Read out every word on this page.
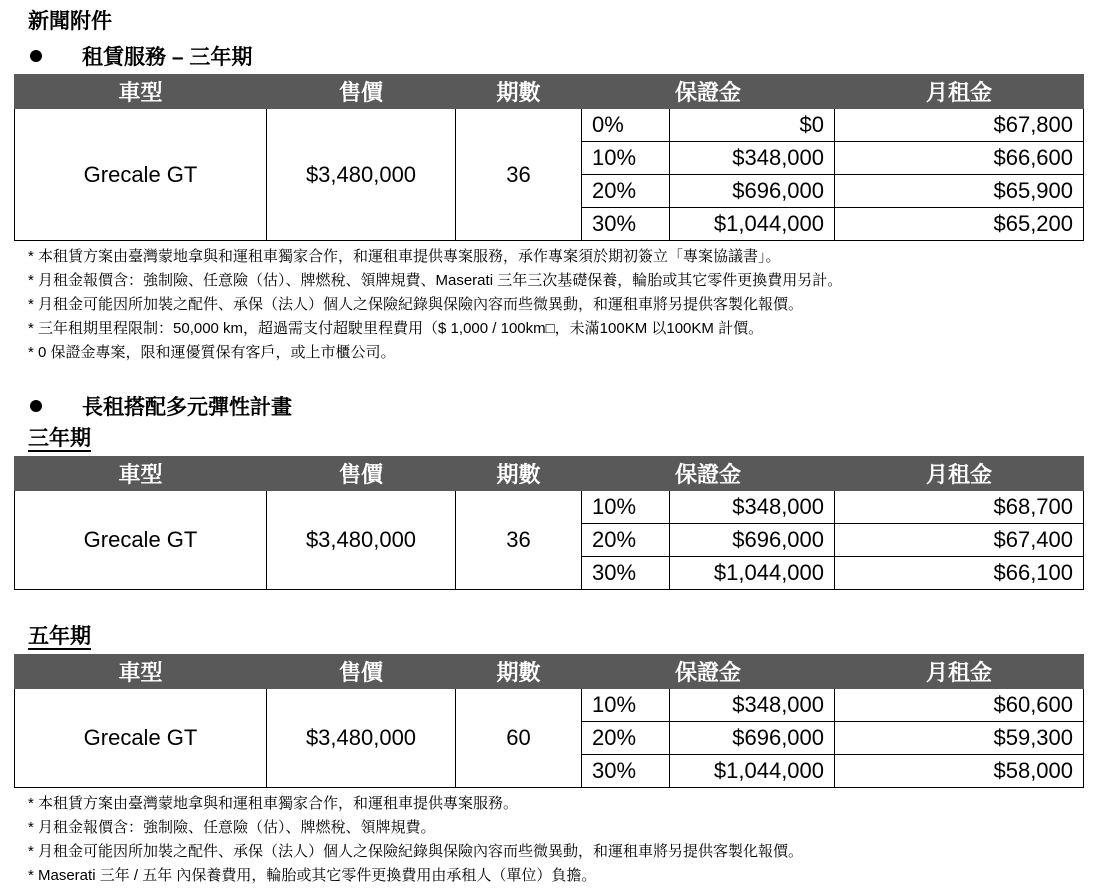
新聞附件
租賃服務 – 三年期
車型	售價	期數	保證金		月租金
Grecale GT	$3,480,000	36	0%	$0	$67,800
			10%	$348,000	$66,600
			20%	$696,000	$65,900
			30%	$1,044,000	$65,200
* 本租賃方案由臺灣蒙地拿與和運租車獨家合作，和運租車提供專案服務，承作專案須於期初簽立「專案協議書」。
* 月租金報價含：強制險、任意險（估）、牌燃稅、領牌規費、Maserati 三年三次基礎保養，輪胎或其它零件更換費用另計。
* 月租金可能因所加裝之配件、承保（法人）個人之保險紀錄與保險內容而些微異動，和運租車將另提供客製化報價。
* 三年租期里程限制：50,000 km，超過需支付超駛里程費用（$ 1,000 / 100km□，未滿100KM 以100KM 計價。
* 0 保證金專案，限和運優質保有客戶，或上市櫃公司。
長租搭配多元彈性計畫
三年期
車型	售價	期數	保證金		月租金
Grecale GT	$3,480,000	36	10%	$348,000	$68,700
			20%	$696,000	$67,400
			30%	$1,044,000	$66,100
五年期
車型	售價	期數	保證金		月租金
Grecale GT	$3,480,000	60	10%	$348,000	$60,600
			20%	$696,000	$59,300
			30%	$1,044,000	$58,000
* 本租賃方案由臺灣蒙地拿與和運租車獨家合作，和運租車提供專案服務。
* 月租金報價含：強制險、任意險（估）、牌燃稅、領牌規費。
* 月租金可能因所加裝之配件、承保（法人）個人之保險紀錄與保險內容而些微異動，和運租車將另提供客製化報價。
* Maserati 三年 / 五年 內保養費用，輪胎或其它零件更換費用由承租人（單位）負擔。
